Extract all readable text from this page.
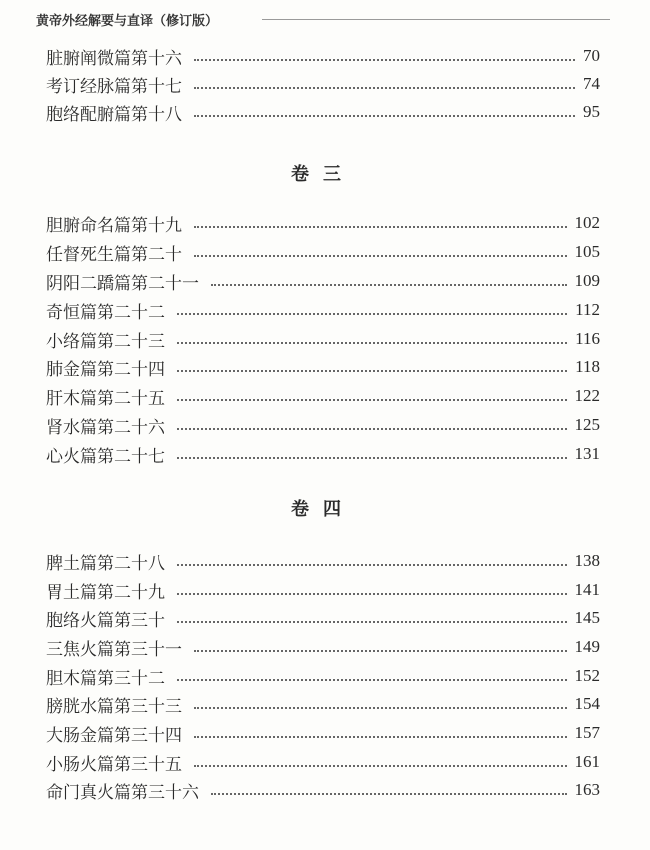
黄帝外经解要与直译（修订版）
脏腑阐微篇第十六	70
考订经脉篇第十七	74
胞络配腑篇第十八	95
卷三
胆腑命名篇第十九	102
任督死生篇第二十	105
阴阳二蹻篇第二十一	109
奇恒篇第二十二	112
小络篇第二十三	116
肺金篇第二十四	118
肝木篇第二十五	122
肾水篇第二十六	125
心火篇第二十七	131
卷四
脾土篇第二十八	138
胃土篇第二十九	141
胞络火篇第三十	145
三焦火篇第三十一	149
胆木篇第三十二	152
膀胱水篇第三十三	154
大肠金篇第三十四	157
小肠火篇第三十五	161
命门真火篇第三十六	163
